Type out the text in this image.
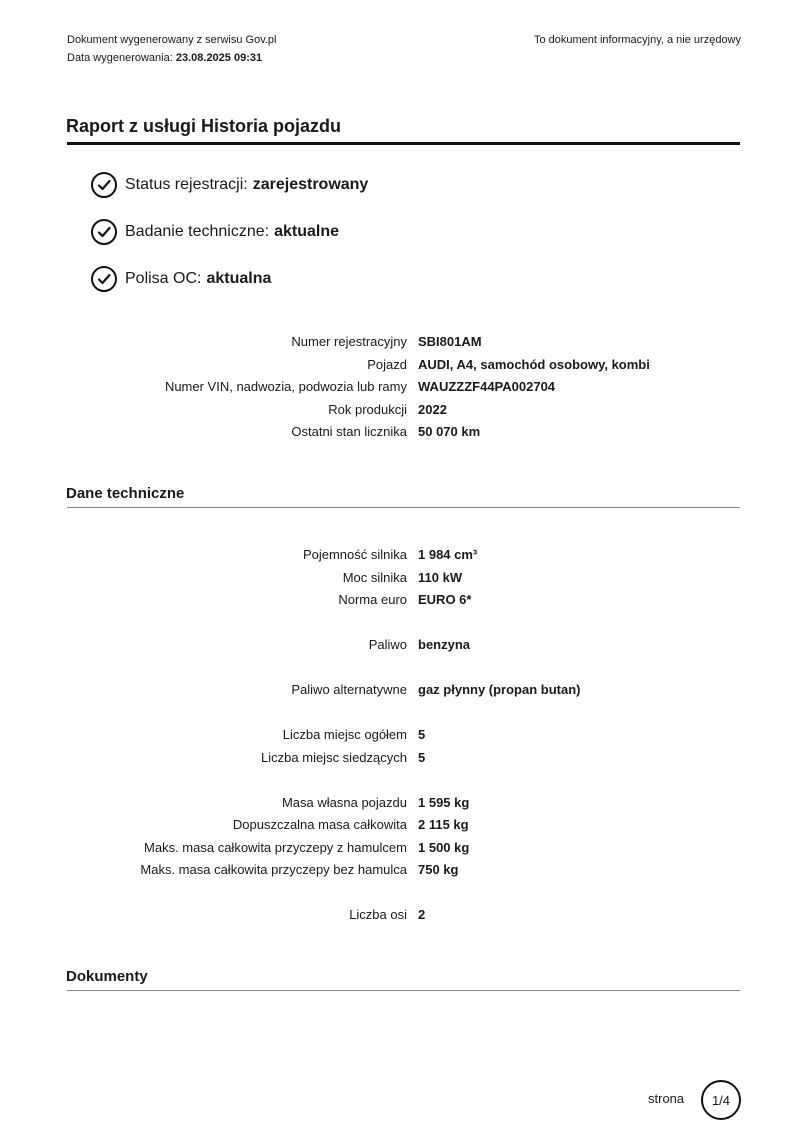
Dokument wygenerowany z serwisu Gov.pl
Data wygenerowania: 23.08.2025 09:31
To dokument informacyjny, a nie urzędowy
Raport z usługi Historia pojazdu
Status rejestracji: zarejestrowany
Badanie techniczne: aktualne
Polisa OC: aktualna
Numer rejestracyjny SBI801AM
Pojazd AUDI, A4, samochód osobowy, kombi
Numer VIN, nadwozia, podwozia lub ramy WAUZZZF44PA002704
Rok produkcji 2022
Ostatni stan licznika 50 070 km
Dane techniczne
Pojemność silnika 1 984 cm³
Moc silnika 110 kW
Norma euro EURO 6*
Paliwo benzyna
Paliwo alternatywne gaz płynny (propan butan)
Liczba miejsc ogółem 5
Liczba miejsc siedzących 5
Masa własna pojazdu 1 595 kg
Dopuszczalna masa całkowita 2 115 kg
Maks. masa całkowita przyczepy z hamulcem 1 500 kg
Maks. masa całkowita przyczepy bez hamulca 750 kg
Liczba osi 2
Dokumenty
strona	1/4
